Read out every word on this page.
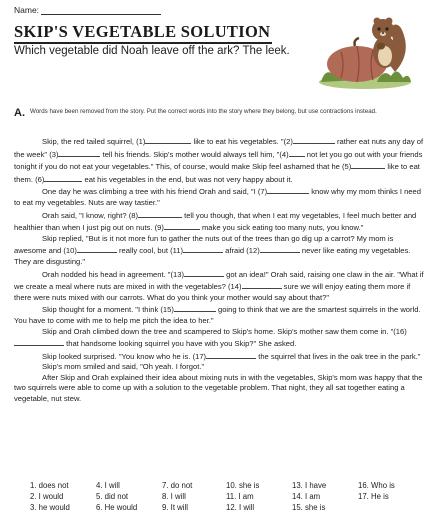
Name:
SKIP'S VEGETABLE SOLUTION
Which vegetable did Noah leave off the ark? The leek.
A. Words have been removed from the story. Put the correct words into the story where they belong, but use contractions instead.

Skip, the red tailed squirrel, (1)	like to eat his vegetables. "(2)	rather eat nuts any day of the week" (3)	tell his friends. Skip's mother would always tell him, "(4) not let you go out with your friends tonight if you do not eat your vegetables." This, of course, would make Skip feel ashamed that he (5)	like to eat them. (6)	eat his vegetables in the end, but was not very happy about it.

One day he was climbing a tree with his friend Orah and said, "I (7)	know why my mom thinks I need to eat my vegetables. Nuts are way tastier."

Orah said, "I know, right? (8)	tell you though, that when I eat my vegetables, I feel much better and healthier than when I just pig out on nuts. (9)	make you sick eating too many nuts, you know."

Skip replied, "But is it not more fun to gather the nuts out of the trees than go dig up a carrot? My mom is awesome and (10)	really cool, but (11)	afraid (12)	never like eating my vegetables. They are disgusting."

Orah nodded his head in agreement. "(13)	got an idea!" Orah said, raising one claw in the air. "What if we create a meal where nuts are mixed in with the vegetables? (14)	sure we will enjoy eating them more if there were nuts mixed with our carrots. What do you think your mother would say about that?"

Skip thought for a moment. "I think (15)	going to think that we are the smartest squirrels in the world. You have to come with me to help me pitch the idea to her."

Skip and Orah climbed down the tree and scampered to Skip's home. Skip's mother saw them come in. "(16) that handsome looking squirrel you have with you Skip?" She asked.

Skip looked surprised. "You know who he is. (17)	the squirrel that lives in the oak tree in the park."

Skip's mom smiled and said, "Oh yeah. I forgot."

After Skip and Orah explained their idea about mixing nuts in with the vegetables, Skip's mom was happy that the two squirrels were able to come up with a solution to the vegetable problem. That night, they all sat together eating a vegetable, nut stew.

1. does not
2. I would
3. he would
4. I will
5. did not
6. He would
7. do not
8. I will
9. It will
10. she is
11. I am
12. I will
13. I have
14. I am
15. she is
16. Who is
17. He is
